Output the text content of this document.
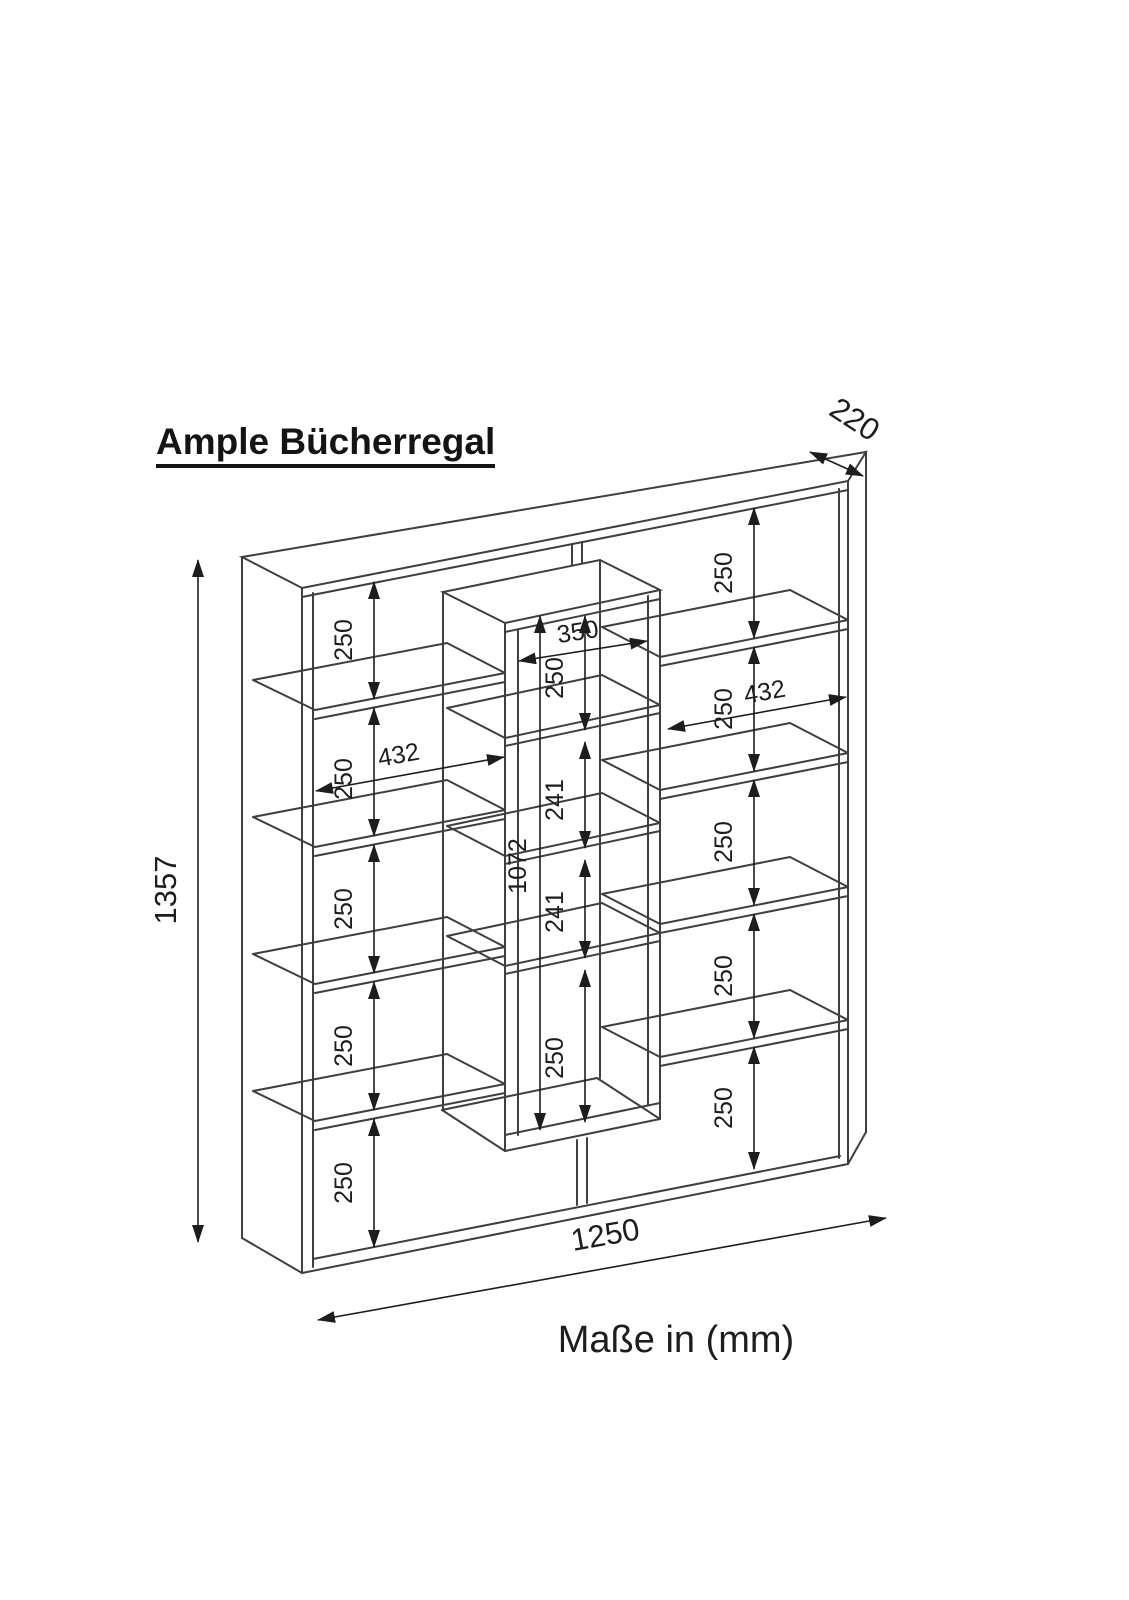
Ample Bücherregal
1357
220
1250
Maße in (mm)
250
250
250
250
250
432
350
1072
250
241
241
250
250
250
250
250
250
432
